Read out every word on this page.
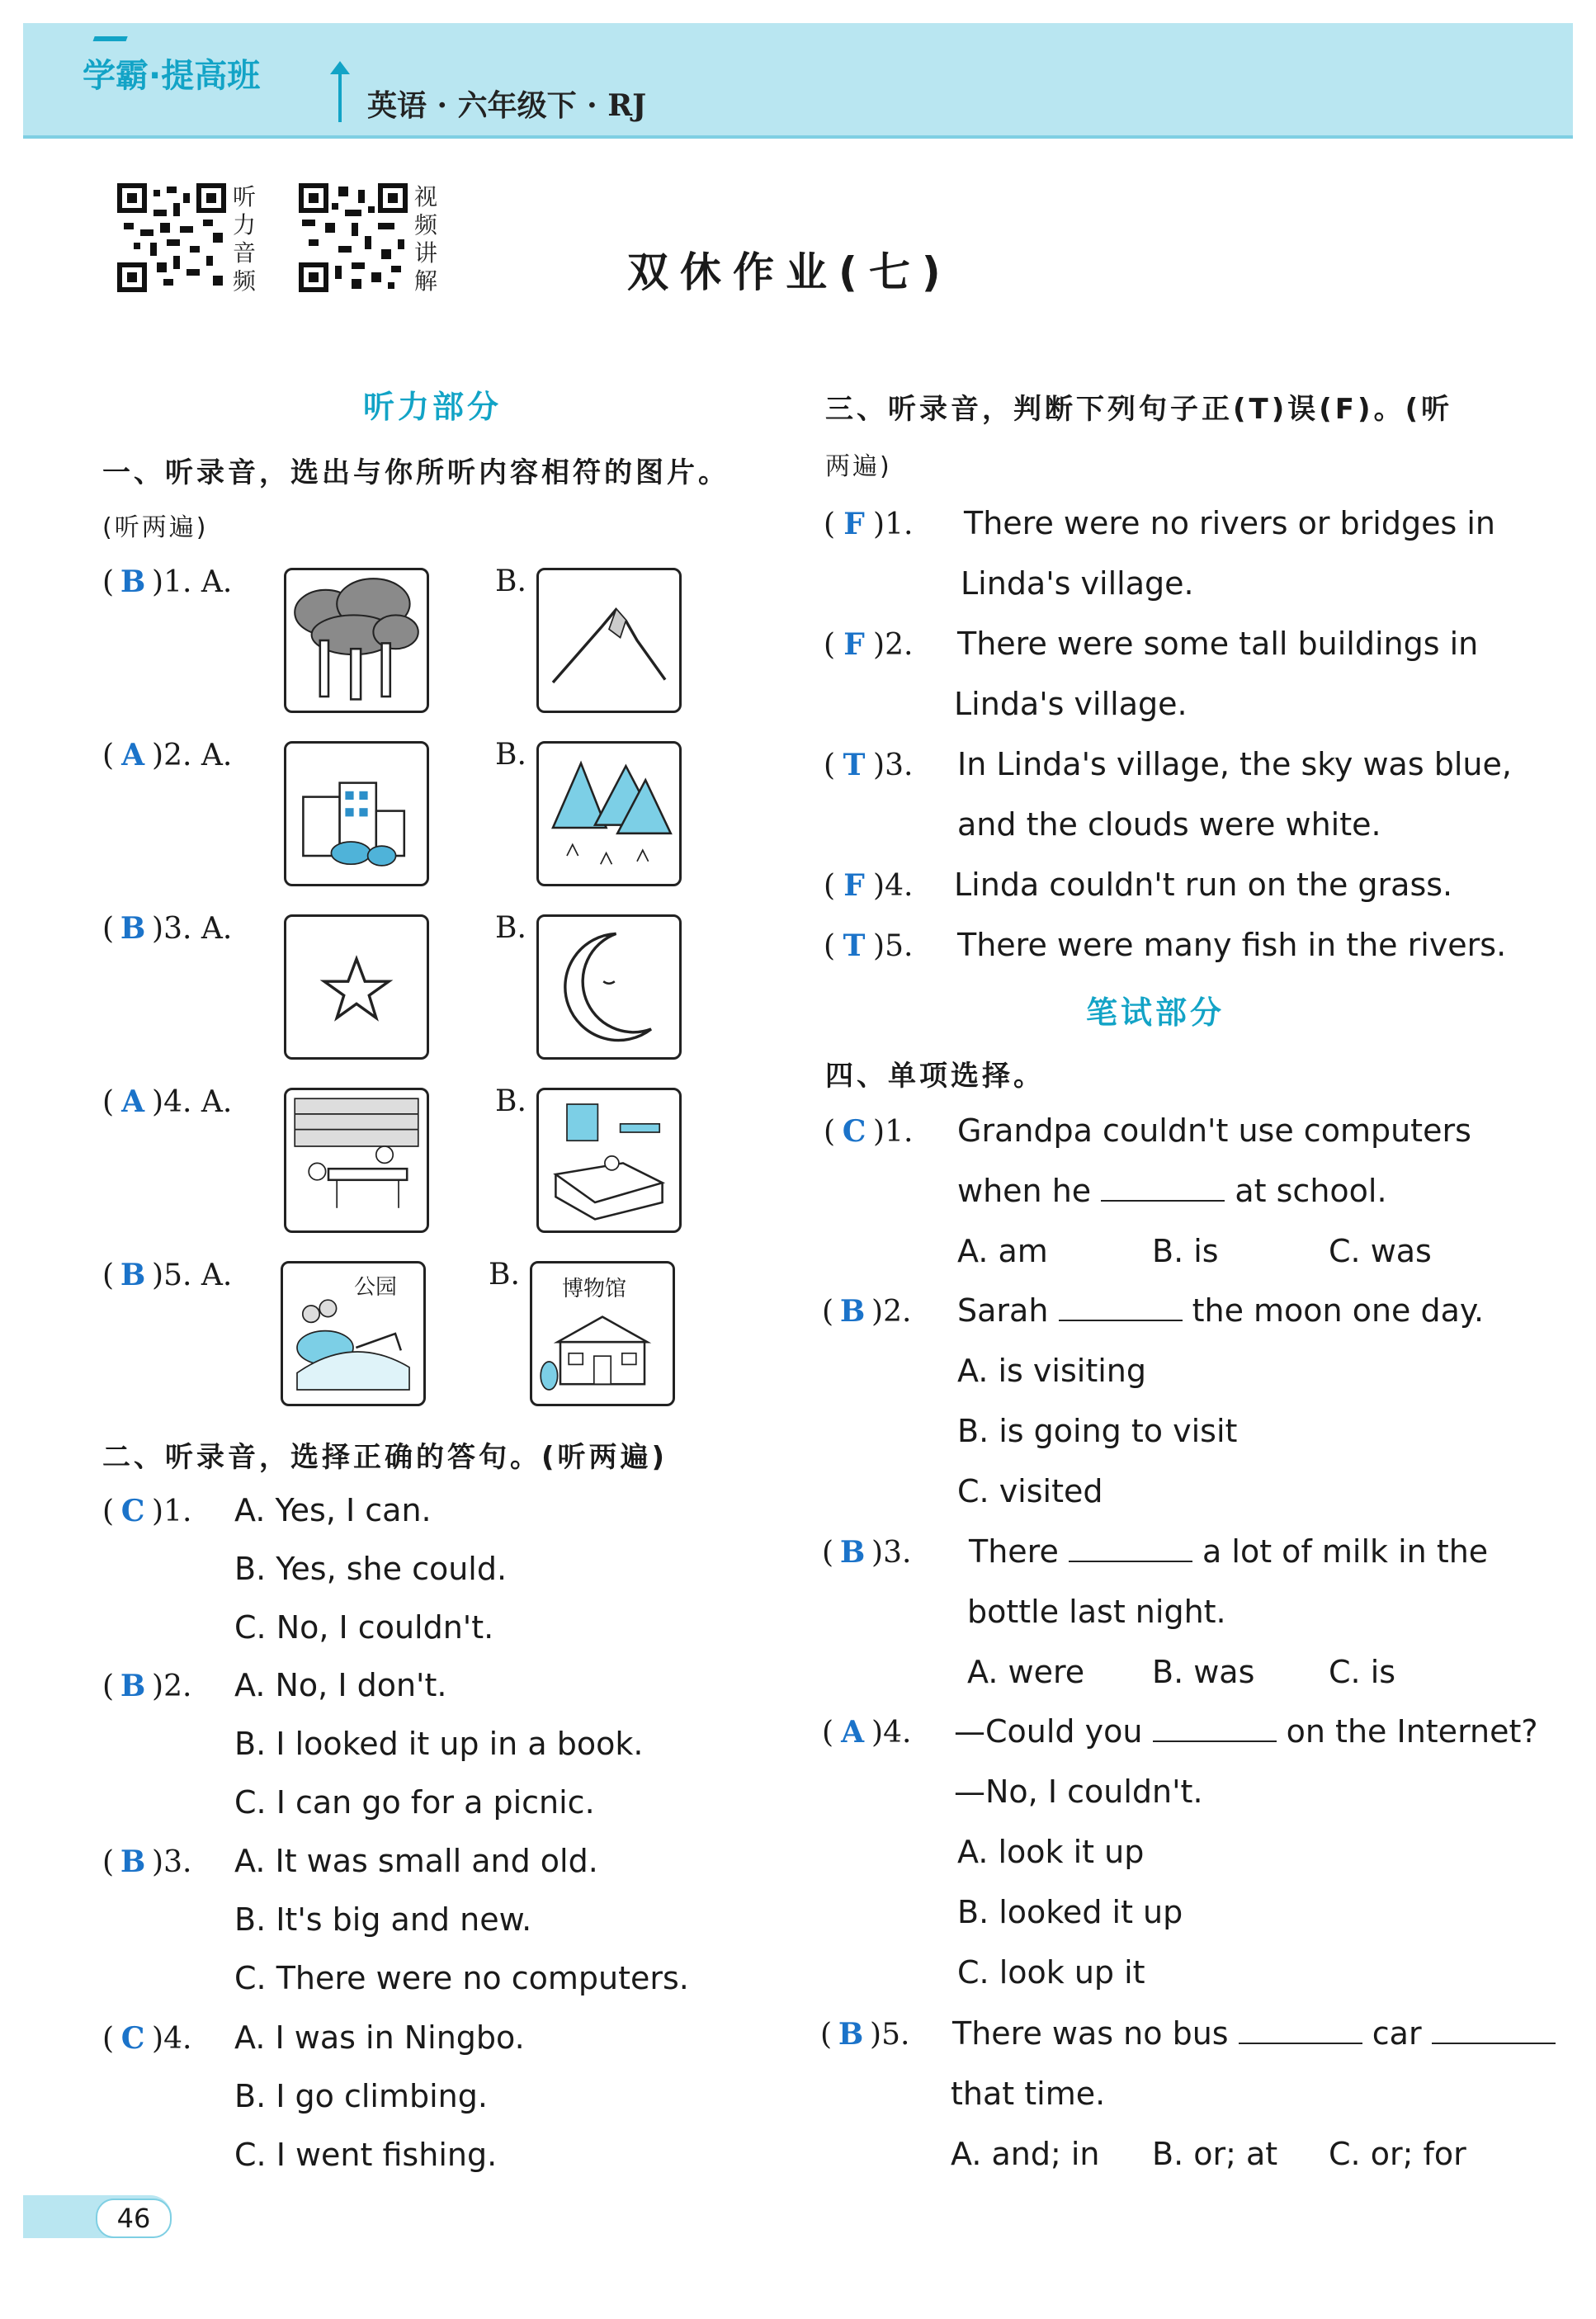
学霸·提高班
英语 · 六年级下 · RJ
听力音频
视频讲解	双休作业(七)
听力部分
一、听录音，选出与你所听内容相符的图片。
(听两遍)
( B )1. A.	B.
( A )2. A.	B.
( B )3. A.	B.
( A )4. A.	B.
( B )5. A.	B.
公园	博物馆
二、听录音，选择正确的答句。(听两遍)
( C )1. A. Yes, I can.
B. Yes, she could.
C. No, I couldn't.
( B )2. A. No, I don't.
B. I looked it up in a book.
C. I can go for a picnic.
( B )3. A. It was small and old.
B. It's big and new.
C. There were no computers.
( C )4. A. I was in Ningbo.
B. I go climbing.
C. I went fishing.
三、听录音，判断下列句子正(T)误(F)。(听
两遍)
( F )1. There were no rivers or bridges in
Linda's village.
( F )2. There were some tall buildings in
Linda's village.
( T )3. In Linda's village, the sky was blue,
and the clouds were white.
( F )4. Linda couldn't run on the grass.
( T )5. There were many fish in the rivers.
笔试部分
四、单项选择。
( C )1. Grandpa couldn't use computers
when he	at school.
A. am	B. is	C. was
( B )2. Sarah	the moon one day.
A. is visiting
B. is going to visit
C. visited
( B )3. There	a lot of milk in the
bottle last night.
A. were B. was C. is
( A )4. —Could you	on the Internet?
—No, I couldn't.
A. look it up
B. looked it up
C. look up it
( B )5. There was no bus	car
that time.
A. and; in B. or; at C. or; for
46
